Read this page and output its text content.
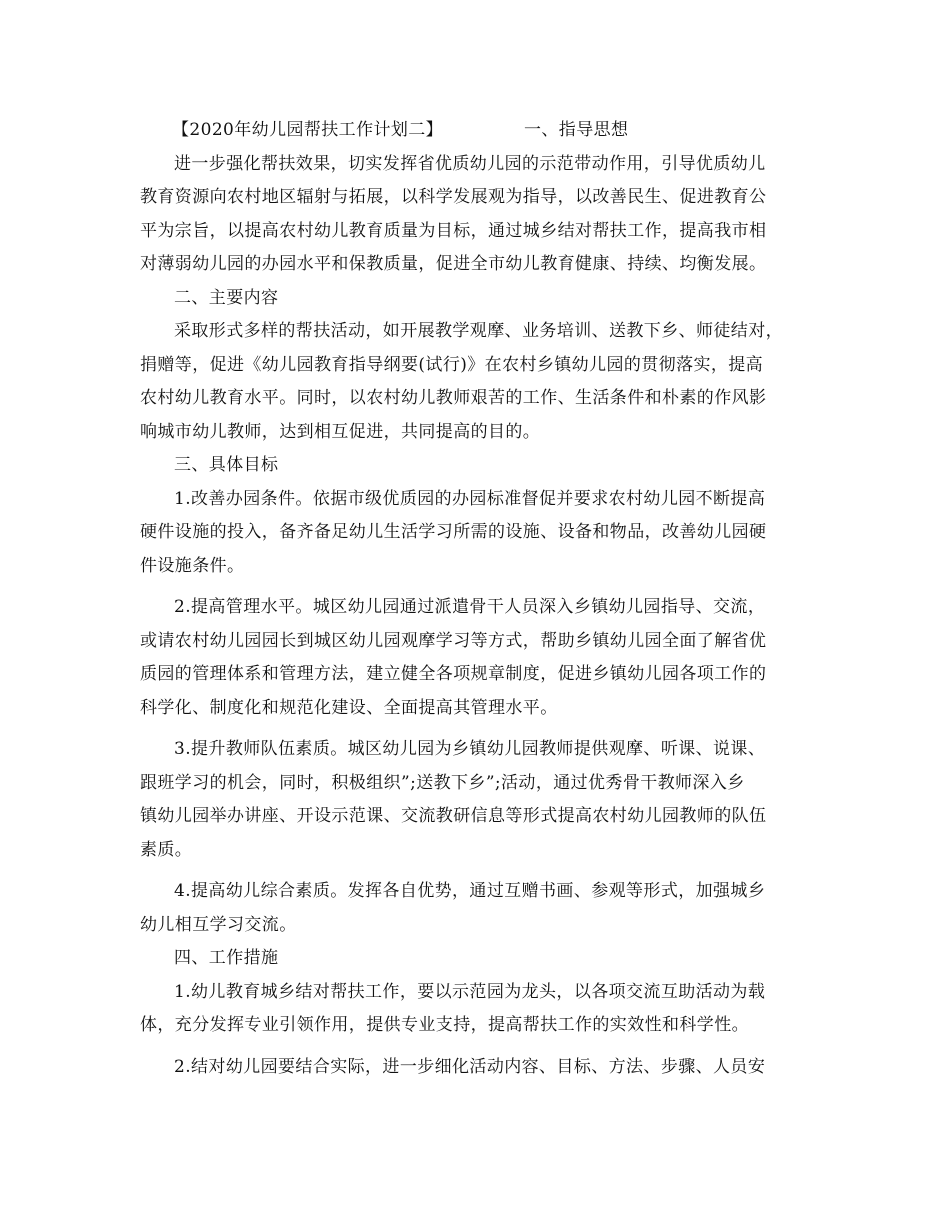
【2020年幼儿园帮扶工作计划二】	一、指导思想

进一步强化帮扶效果，切实发挥省优质幼儿园的示范带动作用，引导优质幼儿

教育资源向农村地区辐射与拓展，以科学发展观为指导，以改善民生、促进教育公

平为宗旨，以提高农村幼儿教育质量为目标，通过城乡结对帮扶工作，提高我市相

对薄弱幼儿园的办园水平和保教质量，促进全市幼儿教育健康、持续、均衡发展。

二、主要内容

采取形式多样的帮扶活动，如开展教学观摩、业务培训、送教下乡、师徒结对，

捐赠等，促进《幼儿园教育指导纲要(试行)》在农村乡镇幼儿园的贯彻落实，提高

农村幼儿教育水平。同时，以农村幼儿教师艰苦的工作、生活条件和朴素的作风影

响城市幼儿教师，达到相互促进，共同提高的目的。

三、具体目标

1.改善办园条件。依据市级优质园的办园标准督促并要求农村幼儿园不断提高

硬件设施的投入，备齐备足幼儿生活学习所需的设施、设备和物品，改善幼儿园硬

件设施条件。

2.提高管理水平。城区幼儿园通过派遣骨干人员深入乡镇幼儿园指导、交流，

或请农村幼儿园园长到城区幼儿园观摩学习等方式，帮助乡镇幼儿园全面了解省优

质园的管理体系和管理方法，建立健全各项规章制度，促进乡镇幼儿园各项工作的

科学化、制度化和规范化建设、全面提高其管理水平。

3.提升教师队伍素质。城区幼儿园为乡镇幼儿园教师提供观摩、听课、说课、

跟班学习的机会，同时，积极组织”;送教下乡”;活动，通过优秀骨干教师深入乡

镇幼儿园举办讲座、开设示范课、交流教研信息等形式提高农村幼儿园教师的队伍

素质。

4.提高幼儿综合素质。发挥各自优势，通过互赠书画、参观等形式，加强城乡

幼儿相互学习交流。

四、工作措施

1.幼儿教育城乡结对帮扶工作，要以示范园为龙头，以各项交流互助活动为载

体，充分发挥专业引领作用，提供专业支持，提高帮扶工作的实效性和科学性。

2.结对幼儿园要结合实际，进一步细化活动内容、目标、方法、步骤、人员安
